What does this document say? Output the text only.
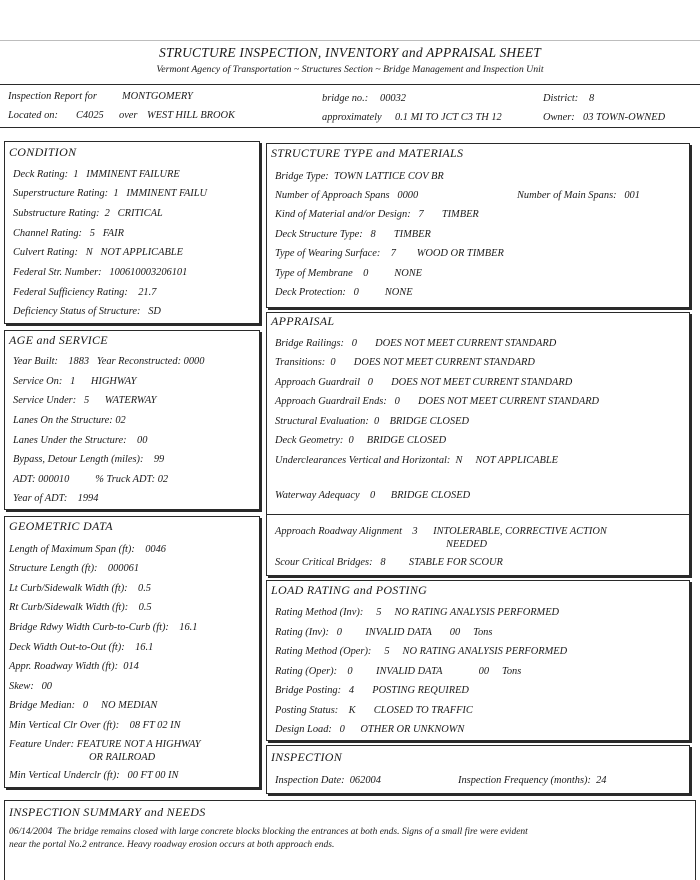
STRUCTURE INSPECTION, INVENTORY and APPRAISAL SHEET
Vermont Agency of Transportation ~ Structures Section ~ Bridge Management and Inspection Unit
Inspection Report for MONTGOMERY	bridge no.: 00032	District: 8
Located on: C4025 over WEST HILL BROOK	approximately 0.1 MI TO JCT C3 TH 12	Owner: 03 TOWN-OWNED
CONDITION
Deck Rating:  1   IMMINENT FAILURE
Superstructure Rating:  1   IMMINENT FAILU
Substructure Rating:  2   CRITICAL
Channel Rating:   5   FAIR
Culvert Rating:   N   NOT APPLICABLE
Federal Str. Number:   100610003206101
Federal Sufficiency Rating:    21.7
Deficiency Status of Structure:   SD
AGE and SERVICE
Year Built:    1883   Year Reconstructed: 0000
Service On:   1      HIGHWAY
Service Under:   5      WATERWAY
Lanes On the Structure: 02
Lanes Under the Structure:    00
Bypass, Detour Length (miles):    99
ADT: 000010          % Truck ADT: 02
Year of ADT:    1994
GEOMETRIC DATA
Length of Maximum Span (ft):    0046
Structure Length (ft):    000061
Lt Curb/Sidewalk Width (ft):    0.5
Rt Curb/Sidewalk Width (ft):    0.5
Bridge Rdwy Width Curb-to-Curb (ft):    16.1
Deck Width Out-to-Out (ft):    16.1
Appr. Roadway Width (ft):  014
Skew:   00
Bridge Median:   0     NO MEDIAN
Min Vertical Clr Over (ft):    08 FT 02 IN
Feature Under: FEATURE NOT A HIGHWAY
OR RAILROAD
Min Vertical Underclr (ft):   00 FT 00 IN
STRUCTURE TYPE and MATERIALS
Bridge Type:  TOWN LATTICE COV BR
Number of Approach Spans   0000	Number of Main Spans:   001
Kind of Material and/or Design:   7       TIMBER
Deck Structure Type:   8       TIMBER
Type of Wearing Surface:    7        WOOD OR TIMBER
Type of Membrane    0          NONE
Deck Protection:   0          NONE
APPRAISAL
Bridge Railings:   0       DOES NOT MEET CURRENT STANDARD
Transitions:  0       DOES NOT MEET CURRENT STANDARD
Approach Guardrail   0       DOES NOT MEET CURRENT STANDARD
Approach Guardrail Ends:   0       DOES NOT MEET CURRENT STANDARD
Structural Evaluation:  0    BRIDGE CLOSED
Deck Geometry:  0     BRIDGE CLOSED
Underclearances Vertical and Horizontal:  N     NOT APPLICABLE
Waterway Adequacy    0      BRIDGE CLOSED
Approach Roadway Alignment    3      INTOLERABLE, CORRECTIVE ACTION
NEEDED
Scour Critical Bridges:   8         STABLE FOR SCOUR
LOAD RATING and POSTING
Rating Method (Inv):     5     NO RATING ANALYSIS PERFORMED
Rating (Inv):   0         INVALID DATA       00     Tons
Rating Method (Oper):     5     NO RATING ANALYSIS PERFORMED
Rating (Oper):    0         INVALID DATA              00     Tons
Bridge Posting:   4       POSTING REQUIRED
Posting Status:    K       CLOSED TO TRAFFIC
Design Load:   0      OTHER OR UNKNOWN
INSPECTION
Inspection Date:  062004	Inspection Frequency (months):  24
INSPECTION SUMMARY and NEEDS
06/14/2004  The bridge remains closed with large concrete blocks blocking the entrances at both ends. Signs of a small fire were evident
near the portal No.2 entrance. Heavy roadway erosion occurs at both approach ends.
